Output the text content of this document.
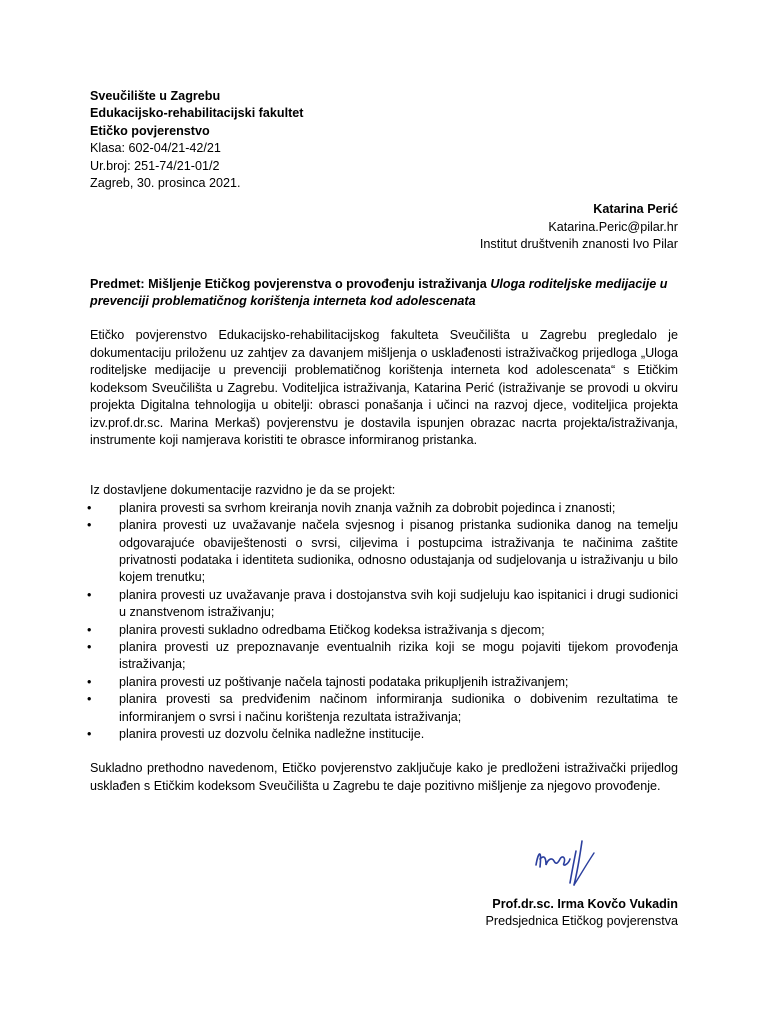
Sveučilište u Zagrebu
Edukacijsko-rehabilitacijski fakultet
Etičko povjerenstvo
Klasa: 602-04/21-42/21
Ur.broj: 251-74/21-01/2
Zagreb, 30. prosinca 2021.
Katarina Perić
Katarina.Peric@pilar.hr
Institut društvenih znanosti Ivo Pilar
Predmet: Mišljenje Etičkog povjerenstva o provođenju istraživanja Uloga roditeljske medijacije u prevenciji problematičnog korištenja interneta kod adolescenata
Etičko povjerenstvo Edukacijsko-rehabilitacijskog fakulteta Sveučilišta u Zagrebu pregledalo je dokumentaciju priloženu uz zahtjev za davanjem mišljenja o usklađenosti istraživačkog prijedloga „Uloga roditeljske medijacije u prevenciji problematičnog korištenja interneta kod adolescenata“ s Etičkim kodeksom Sveučilišta u Zagrebu. Voditeljica istraživanja, Katarina Perić (istraživanje se provodi u okviru projekta Digitalna tehnologija u obitelji: obrasci ponašanja i učinci na razvoj djece, voditeljica projekta izv.prof.dr.sc. Marina Merkaš) povjerenstvu je dostavila ispunjen obrazac nacrta projekta/istraživanja, instrumente koji namjerava koristiti te obrasce informiranog pristanka.
Iz dostavljene dokumentacije razvidno je da se projekt:
•	planira provesti sa svrhom kreiranja novih znanja važnih za dobrobit pojedinca i znanosti;
•	planira provesti uz uvažavanje načela svjesnog i pisanog pristanka sudionika danog na temelju odgovarajuće obaviještenosti o svrsi, ciljevima i postupcima istraživanja te načinima zaštite privatnosti podataka i identiteta sudionika, odnosno odustajanja od sudjelovanja u istraživanju u bilo kojem trenutku;
•	planira provesti uz uvažavanje prava i dostojanstva svih koji sudjeluju kao ispitanici i drugi sudionici u znanstvenom istraživanju;
•	planira provesti sukladno odredbama Etičkog kodeksa istraživanja s djecom;
•	planira provesti uz prepoznavanje eventualnih rizika koji se mogu pojaviti tijekom provođenja istraživanja;
•	planira provesti uz poštivanje načela tajnosti podataka prikupljenih istraživanjem;
•	planira provesti sa predviđenim načinom informiranja sudionika o dobivenim rezultatima te informiranjem o svrsi i načinu korištenja rezultata istraživanja;
•	planira provesti uz dozvolu čelnika nadležne institucije.
Sukladno prethodno navedenom, Etičko povjerenstvo zaključuje kako je predloženi istraživački prijedlog usklađen s Etičkim kodeksom Sveučilišta u Zagrebu te daje pozitivno mišljenje za njegovo provođenje.
Prof.dr.sc. Irma Kovčo Vukadin
Predsjednica Etičkog povjerenstva
